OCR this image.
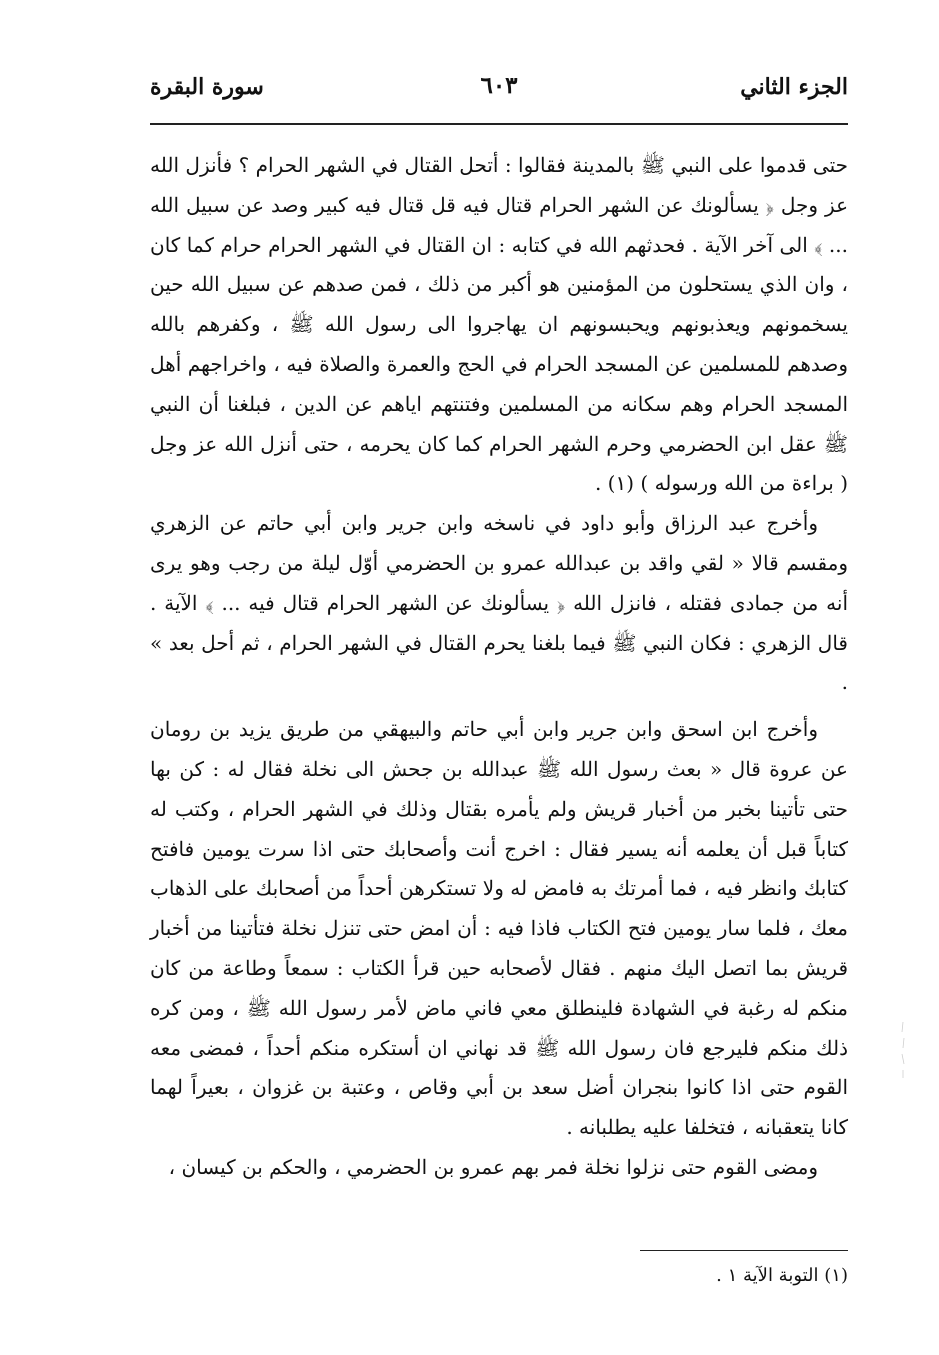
الجزء الثاني
٦٠٣
سورة البقرة

حتى قدموا على النبي ﷺ بالمدينة فقالوا : أتحل القتال في الشهر الحرام ؟ فأنزل الله عز وجل ﴿ يسألونك عن الشهر الحرام قتال فيه قل قتال فيه كبير وصد عن سبيل الله ... ﴾ الى آخر الآية . فحدثهم الله في كتابه : ان القتال في الشهر الحرام حرام كما كان ، وان الذي يستحلون من المؤمنين هو أكبر من ذلك ، فمن صدهم عن سبيل الله حين يسخمونهم ويعذبونهم ويحبسونهم ان يهاجروا الى رسول الله ﷺ ، وكفرهم بالله وصدهم للمسلمين عن المسجد الحرام في الحج والعمرة والصلاة فيه ، واخراجهم أهل المسجد الحرام وهم سكانه من المسلمين وفتنتهم اياهم عن الدين ، فبلغنا أن النبي ﷺ عقل ابن الحضرمي وحرم الشهر الحرام كما كان يحرمه ، حتى أنزل الله عز وجل ( براءة من الله ورسوله ) (١) .

وأخرج عبد الرزاق وأبو داود في ناسخه وابن جرير وابن أبي حاتم عن الزهري ومقسم قالا « لقي واقد بن عبدالله عمرو بن الحضرمي أوّل ليلة من رجب وهو يرى أنه من جمادى فقتله ، فانزل الله ﴿ يسألونك عن الشهر الحرام قتال فيه ... ﴾ الآية . قال الزهري : فكان النبي ﷺ فيما بلغنا يحرم القتال في الشهر الحرام ، ثم أحل بعد » .

وأخرج ابن اسحق وابن جرير وابن أبي حاتم والبيهقي من طريق يزيد بن رومان عن عروة قال « بعث رسول الله ﷺ عبدالله بن جحش الى نخلة فقال له : كن بها حتى تأتينا بخبر من أخبار قريش ولم يأمره بقتال وذلك في الشهر الحرام ، وكتب له كتاباً قبل أن يعلمه أنه يسير فقال : اخرج أنت وأصحابك حتى اذا سرت يومين فافتح كتابك وانظر فيه ، فما أمرتك به فامض له ولا تستكرهن أحداً من أصحابك على الذهاب معك ، فلما سار يومين فتح الكتاب فاذا فيه : أن امض حتى تنزل نخلة فتأتينا من أخبار قريش بما اتصل اليك منهم . فقال لأصحابه حين قرأ الكتاب : سمعاً وطاعة من كان منكم له رغبة في الشهادة فلينطلق معي فاني ماض لأمر رسول الله ﷺ ، ومن كره ذلك منكم فليرجع فان رسول الله ﷺ قد نهاني ان أستكره منكم أحداً ، فمضى معه القوم حتى اذا كانوا بنجران أضل سعد بن أبي وقاص ، وعتبة بن غزوان ، بعيراً لهما كانا يتعقبانه ، فتخلفا عليه يطلبانه .

ومضى القوم حتى نزلوا نخلة فمر بهم عمرو بن الحضرمي ، والحكم بن كيسان ،

(١) التوبة الآية ١ .
